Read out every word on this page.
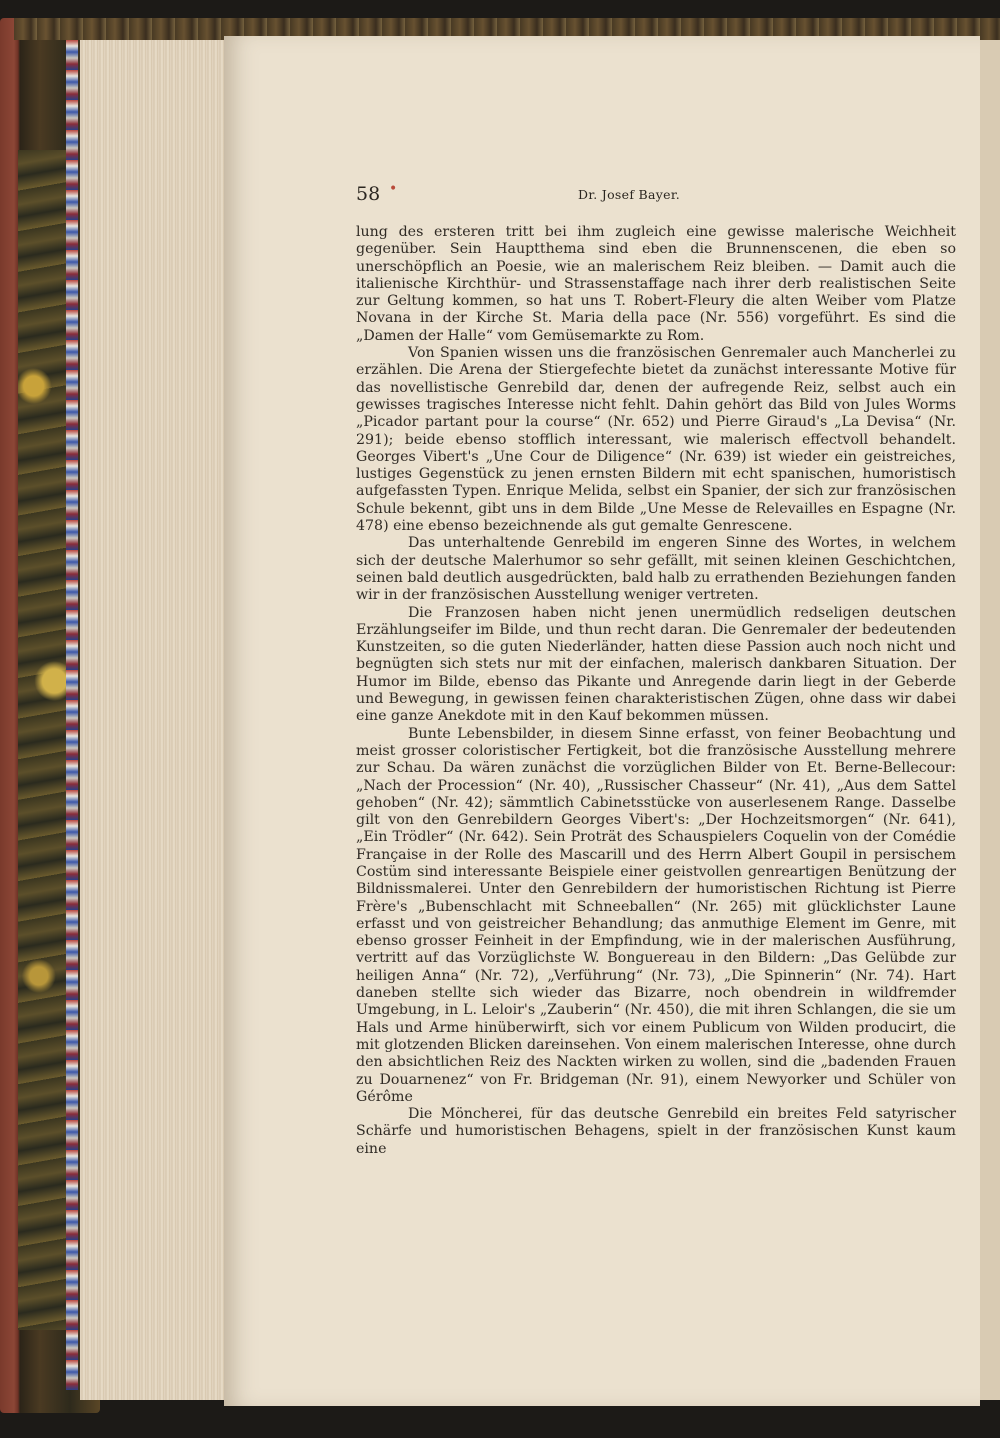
58 •	Dr. Josef Bayer.

lung des ersteren tritt bei ihm zugleich eine gewisse malerische Weichheit gegenüber. Sein Hauptthema sind eben die Brunnenscenen, die eben so unerschöpflich an Poesie, wie an malerischem Reiz bleiben. — Damit auch die italienische Kirchthür- und Strassenstaffage nach ihrer derb realistischen Seite zur Geltung kommen, so hat uns T. Robert-Fleury die alten Weiber vom Platze Novana in der Kirche St. Maria della pace (Nr. 556) vorgeführt. Es sind die „Damen der Halle“ vom Gemüsemarkte zu Rom.

Von Spanien wissen uns die französischen Genremaler auch Mancherlei zu erzählen. Die Arena der Stiergefechte bietet da zunächst interessante Motive für das novellistische Genrebild dar, denen der aufregende Reiz, selbst auch ein gewisses tragisches Interesse nicht fehlt. Dahin gehört das Bild von Jules Worms „Picador partant pour la course“ (Nr. 652) und Pierre Giraud's „La Devisa“ (Nr. 291); beide ebenso stofflich interessant, wie malerisch effectvoll behandelt. Georges Vibert's „Une Cour de Diligence“ (Nr. 639) ist wieder ein geistreiches, lustiges Gegenstück zu jenen ernsten Bildern mit echt spanischen, humoristisch aufgefassten Typen. Enrique Melida, selbst ein Spanier, der sich zur französischen Schule bekennt, gibt uns in dem Bilde „Une Messe de Relevailles en Espagne (Nr. 478) eine ebenso bezeichnende als gut gemalte Genrescene.

Das unterhaltende Genrebild im engeren Sinne des Wortes, in welchem sich der deutsche Malerhumor so sehr gefällt, mit seinen kleinen Geschichtchen, seinen bald deutlich ausgedrückten, bald halb zu errathenden Beziehungen fanden wir in der französischen Ausstellung weniger vertreten.

Die Franzosen haben nicht jenen unermüdlich redseligen deutschen Erzählungseifer im Bilde, und thun recht daran. Die Genremaler der bedeutenden Kunstzeiten, so die guten Niederländer, hatten diese Passion auch noch nicht und begnügten sich stets nur mit der einfachen, malerisch dankbaren Situation. Der Humor im Bilde, ebenso das Pikante und Anregende darin liegt in der Geberde und Bewegung, in gewissen feinen charakteristischen Zügen, ohne dass wir dabei eine ganze Anekdote mit in den Kauf bekommen müssen.

Bunte Lebensbilder, in diesem Sinne erfasst, von feiner Beobachtung und meist grosser coloristischer Fertigkeit, bot die französische Ausstellung mehrere zur Schau. Da wären zunächst die vorzüglichen Bilder von Et. Berne-Bellecour: „Nach der Procession“ (Nr. 40), „Russischer Chasseur“ (Nr. 41), „Aus dem Sattel gehoben“ (Nr. 42); sämmtlich Cabinetsstücke von auserlesenem Range. Dasselbe gilt von den Genrebildern Georges Vibert's: „Der Hochzeitsmorgen“ (Nr. 641), „Ein Trödler“ (Nr. 642). Sein Proträt des Schauspielers Coquelin von der Comédie Française in der Rolle des Mascarill und des Herrn Albert Goupil in persischem Costüm sind interessante Beispiele einer geistvollen genreartigen Benützung der Bildnissmalerei. Unter den Genrebildern der humoristischen Richtung ist Pierre Frère's „Bubenschlacht mit Schneeballen“ (Nr. 265) mit glücklichster Laune erfasst und von geistreicher Behandlung; das anmuthige Element im Genre, mit ebenso grosser Feinheit in der Empfindung, wie in der malerischen Ausführung, vertritt auf das Vorzüglichste W. Bonguereau in den Bildern: „Das Gelübde zur heiligen Anna“ (Nr. 72), „Verführung“ (Nr. 73), „Die Spinnerin“ (Nr. 74). Hart daneben stellte sich wieder das Bizarre, noch obendrein in wildfremder Umgebung, in L. Leloir's „Zauberin“ (Nr. 450), die mit ihren Schlangen, die sie um Hals und Arme hinüberwirft, sich vor einem Publicum von Wilden producirt, die mit glotzenden Blicken dareinsehen. Von einem malerischen Interesse, ohne durch den absichtlichen Reiz des Nackten wirken zu wollen, sind die „badenden Frauen zu Douarnenez“ von Fr. Bridgeman (Nr. 91), einem Newyorker und Schüler von Gérôme

Die Möncherei, für das deutsche Genrebild ein breites Feld satyrischer Schärfe und humoristischen Behagens, spielt in der französischen Kunst kaum eine
